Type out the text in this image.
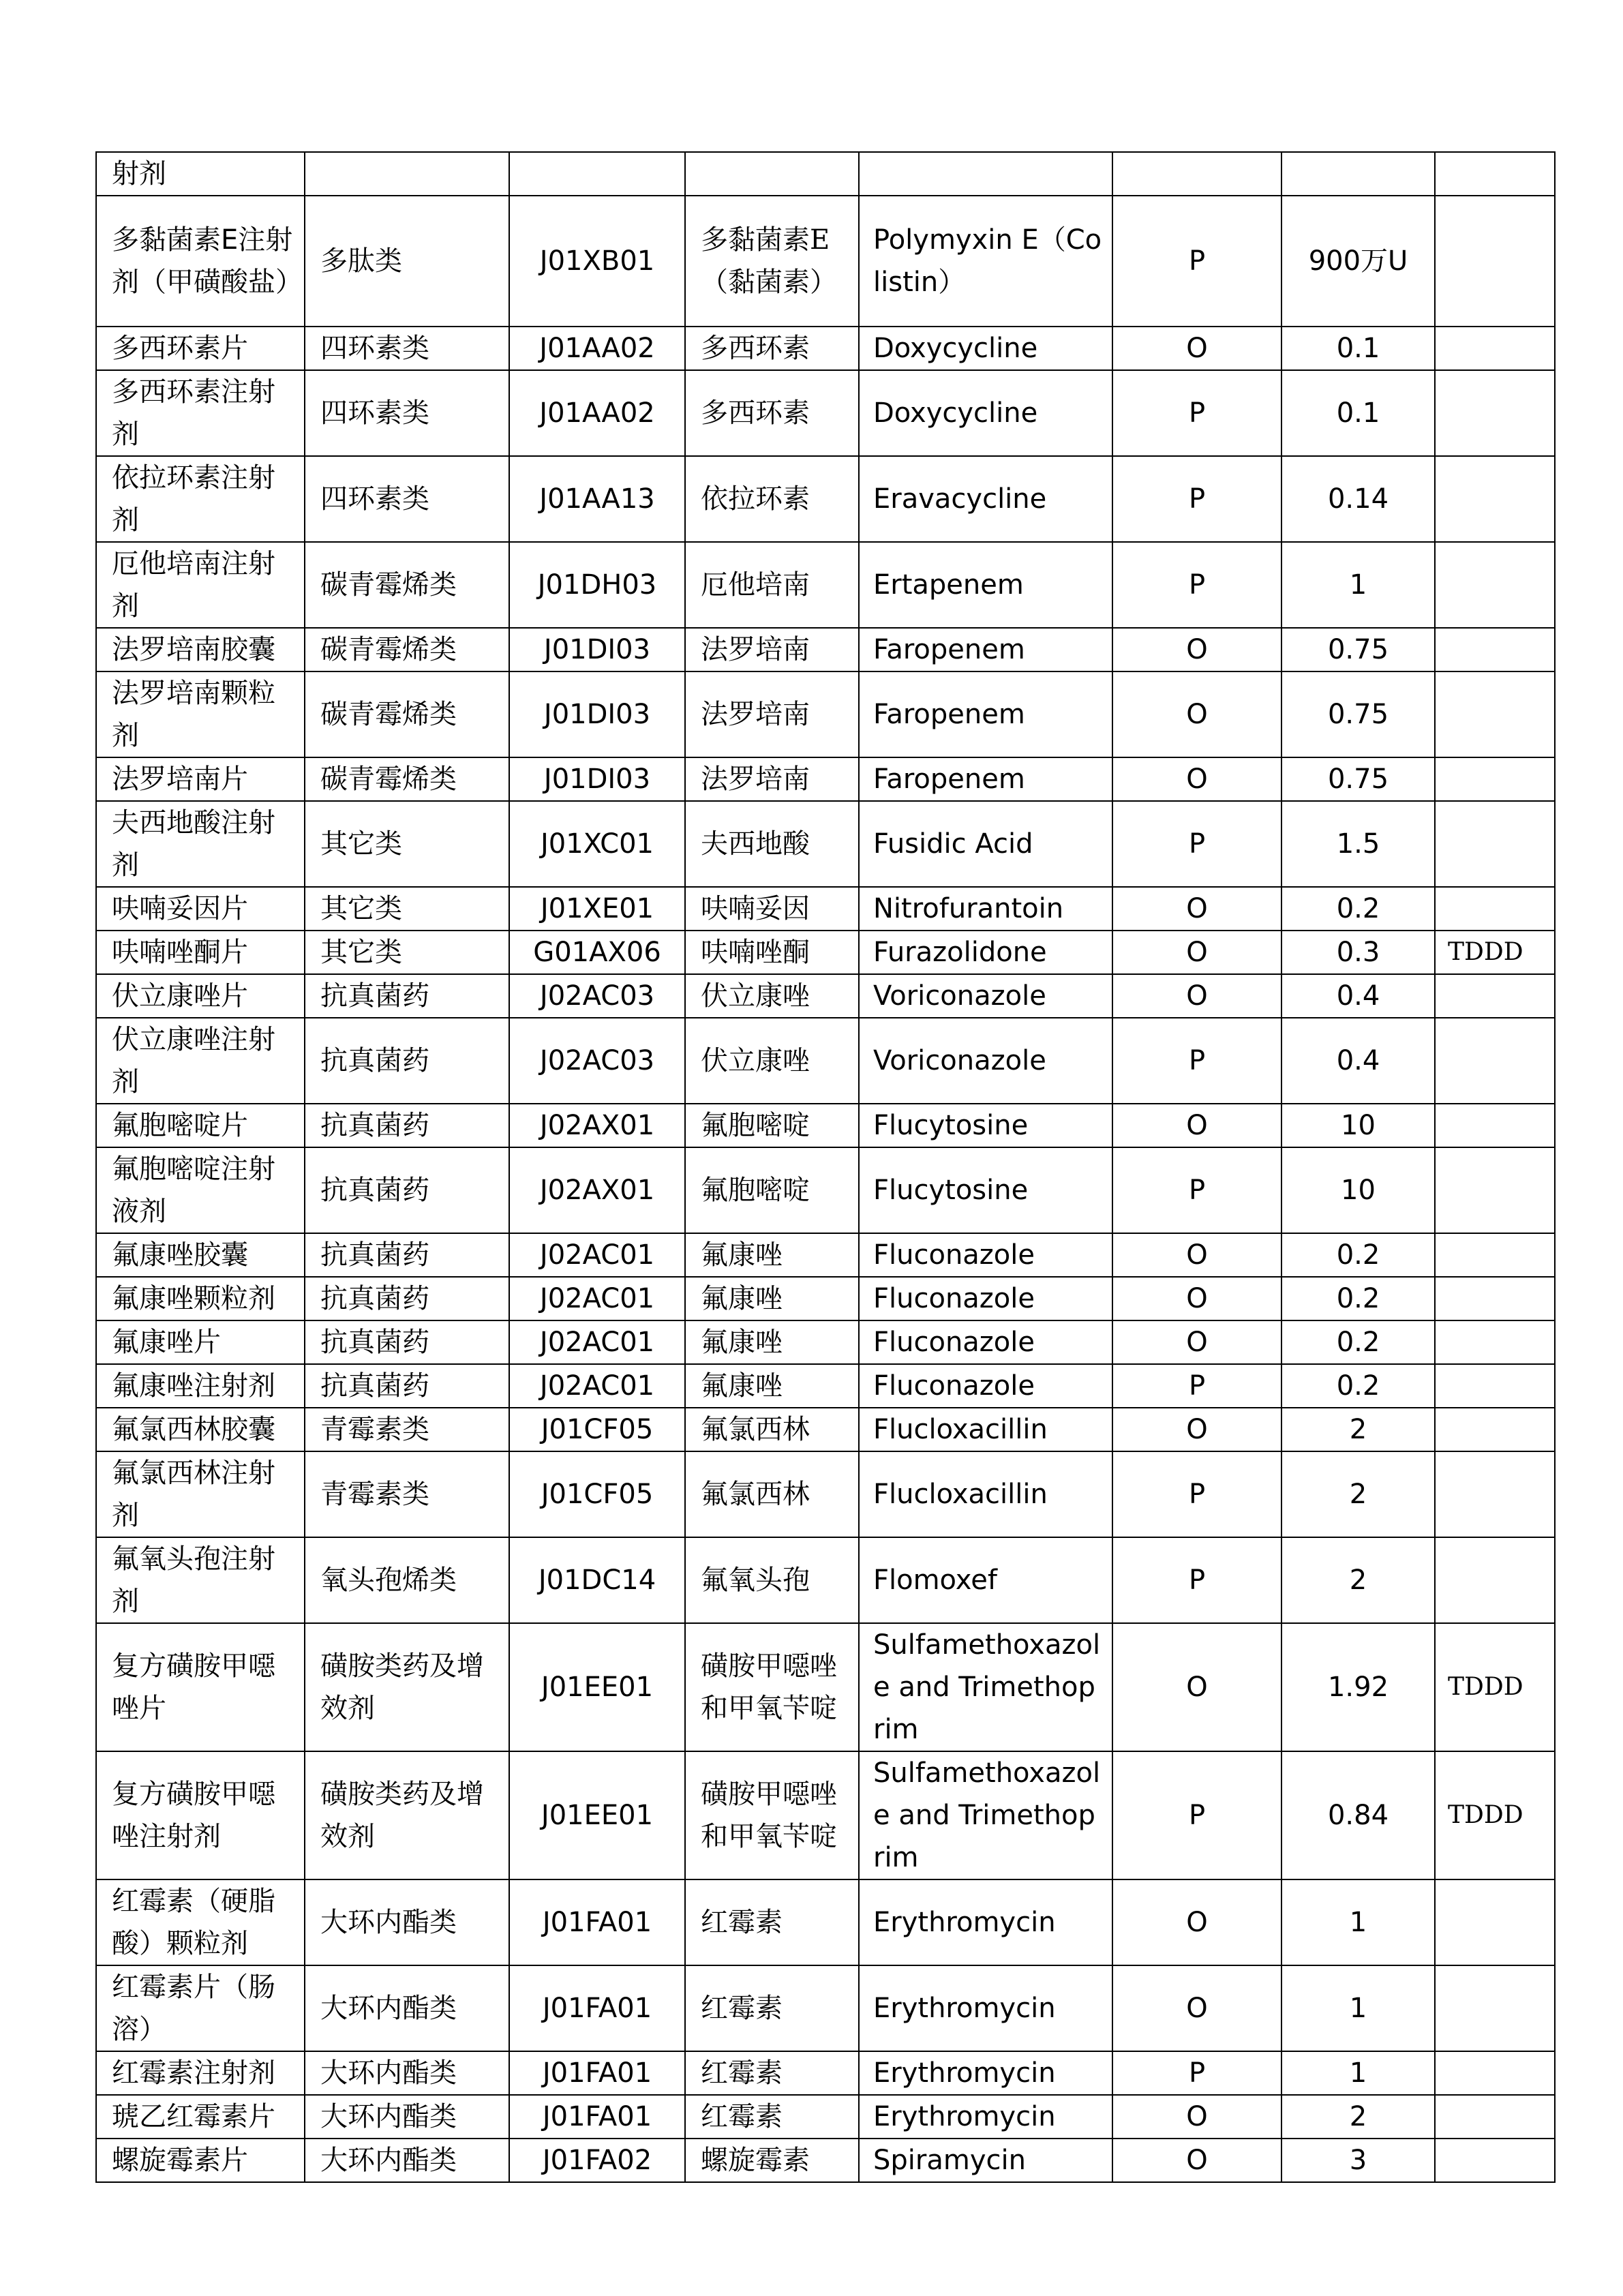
射剂							
多黏菌素E注射剂（甲磺酸盐）	多肽类	J01XB01	多黏菌素E（黏菌素）	Polymyxin E（Colistin）	P	900万U	
多西环素片	四环素类	J01AA02	多西环素	Doxycycline	O	0.1	
多西环素注射剂	四环素类	J01AA02	多西环素	Doxycycline	P	0.1	
依拉环素注射剂	四环素类	J01AA13	依拉环素	Eravacycline	P	0.14	
厄他培南注射剂	碳青霉烯类	J01DH03	厄他培南	Ertapenem	P	1	
法罗培南胶囊	碳青霉烯类	J01DI03	法罗培南	Faropenem	O	0.75	
法罗培南颗粒剂	碳青霉烯类	J01DI03	法罗培南	Faropenem	O	0.75	
法罗培南片	碳青霉烯类	J01DI03	法罗培南	Faropenem	O	0.75	
夫西地酸注射剂	其它类	J01XC01	夫西地酸	Fusidic Acid	P	1.5	
呋喃妥因片	其它类	J01XE01	呋喃妥因	Nitrofurantoin	O	0.2	
呋喃唑酮片	其它类	G01AX06	呋喃唑酮	Furazolidone	O	0.3	TDDD
伏立康唑片	抗真菌药	J02AC03	伏立康唑	Voriconazole	O	0.4	
伏立康唑注射剂	抗真菌药	J02AC03	伏立康唑	Voriconazole	P	0.4	
氟胞嘧啶片	抗真菌药	J02AX01	氟胞嘧啶	Flucytosine	O	10	
氟胞嘧啶注射液剂	抗真菌药	J02AX01	氟胞嘧啶	Flucytosine	P	10	
氟康唑胶囊	抗真菌药	J02AC01	氟康唑	Fluconazole	O	0.2	
氟康唑颗粒剂	抗真菌药	J02AC01	氟康唑	Fluconazole	O	0.2	
氟康唑片	抗真菌药	J02AC01	氟康唑	Fluconazole	O	0.2	
氟康唑注射剂	抗真菌药	J02AC01	氟康唑	Fluconazole	P	0.2	
氟氯西林胶囊	青霉素类	J01CF05	氟氯西林	Flucloxacillin	O	2	
氟氯西林注射剂	青霉素类	J01CF05	氟氯西林	Flucloxacillin	P	2	
氟氧头孢注射剂	氧头孢烯类	J01DC14	氟氧头孢	Flomoxef	P	2	
复方磺胺甲噁唑片	磺胺类药及增效剂	J01EE01	磺胺甲噁唑和甲氧苄啶	Sulfamethoxazole and Trimethoprim	O	1.92	TDDD
复方磺胺甲噁唑注射剂	磺胺类药及增效剂	J01EE01	磺胺甲噁唑和甲氧苄啶	Sulfamethoxazole and Trimethoprim	P	0.84	TDDD
红霉素（硬脂酸）颗粒剂	大环内酯类	J01FA01	红霉素	Erythromycin	O	1	
红霉素片（肠溶）	大环内酯类	J01FA01	红霉素	Erythromycin	O	1	
红霉素注射剂	大环内酯类	J01FA01	红霉素	Erythromycin	P	1	
琥乙红霉素片	大环内酯类	J01FA01	红霉素	Erythromycin	O	2	
螺旋霉素片	大环内酯类	J01FA02	螺旋霉素	Spiramycin	O	3	
